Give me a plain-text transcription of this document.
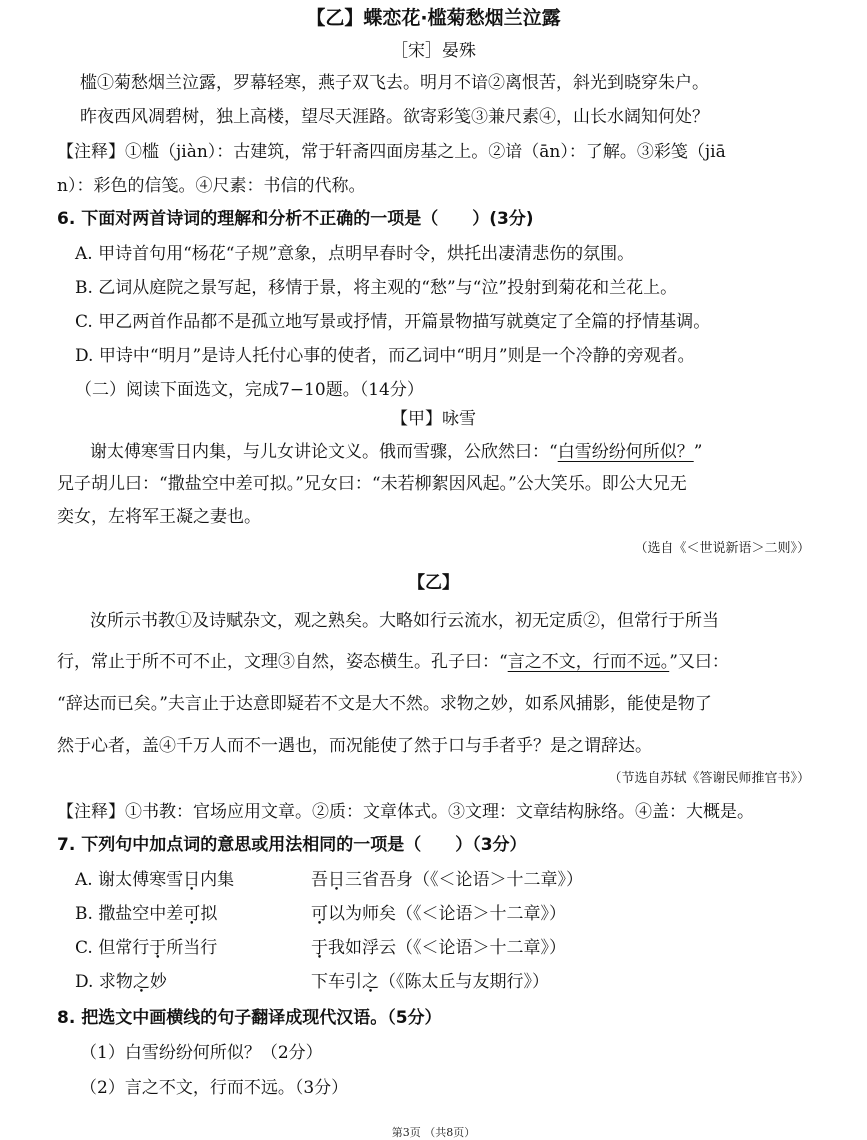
【乙】蝶恋花·槛菊愁烟兰泣露
［宋］晏殊
槛①菊愁烟兰泣露，罗幕轻寒，燕子双飞去。明月不谙②离恨苦，斜光到晓穿朱户。
昨夜西风凋碧树，独上高楼，望尽天涯路。欲寄彩笺③兼尺素④，山长水阔知何处？
【注释】①槛（jiàn）：古建筑，常于轩斋四面房基之上。②谙（ān）：了解。③彩笺（jiā
n）：彩色的信笺。④尺素：书信的代称。
6. 下面对两首诗词的理解和分析不正确的一项是（　　）(3分)
A. 甲诗首句用“杨花“子规”意象，点明早春时令，烘托出凄清悲伤的氛围。
B. 乙词从庭院之景写起，移情于景，将主观的“愁”与“泣”投射到菊花和兰花上。
C. 甲乙两首作品都不是孤立地写景或抒情，开篇景物描写就奠定了全篇的抒情基调。
D. 甲诗中“明月”是诗人托付心事的使者，而乙词中“明月”则是一个冷静的旁观者。
（二）阅读下面选文，完成7−10题。（14分）
【甲】咏雪
谢太傅寒雪日内集，与儿女讲论文义。俄而雪骤，公欣然曰：“白雪纷纷何所似？”
兄子胡儿曰：“撒盐空中差可拟。”兄女曰：“未若柳絮因风起。”公大笑乐。即公大兄无
奕女，左将军王凝之妻也。
（选自《＜世说新语＞二则》）
【乙】
汝所示书教①及诗赋杂文，观之熟矣。大略如行云流水，初无定质②，但常行于所当
行，常止于所不可不止，文理③自然，姿态横生。孔子曰：“言之不文，行而不远。”又曰：
“辞达而已矣。”夫言止于达意即疑若不文是大不然。求物之妙，如系风捕影，能使是物了
然于心者，盖④千万人而不一遇也，而况能使了然于口与手者乎？是之谓辞达。
（节选自苏轼《答谢民师推官书》）
【注释】①书教：官场应用文章。②质：文章体式。③文理：文章结构脉络。④盖：大概是。
7. 下列句中加点词的意思或用法相同的一项是（　　）（3分）
A. 谢太傅寒雪日内集	吾日三省吾身（《＜论语＞十二章》）
B. 撒盐空中差可拟	可以为师矣（《＜论语＞十二章》）
C. 但常行于所当行	于我如浮云（《＜论语＞十二章》）
D. 求物之妙	下车引之（《陈太丘与友期行》）
8. 把选文中画横线的句子翻译成现代汉语。（5分）
（1）白雪纷纷何所似？（2分）
（2）言之不文，行而不远。（3分）
第3页 （共8页）
